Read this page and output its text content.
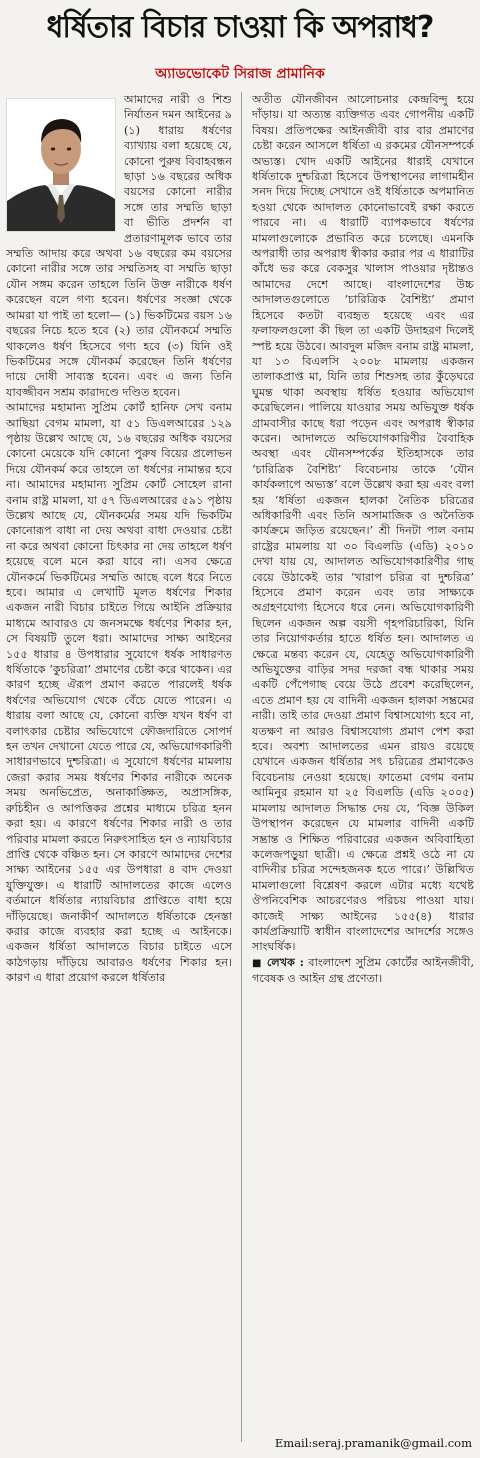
ধর্ষিতার বিচার চাওয়া কি অপরাধ?
অ্যাডভোকেট সিরাজ প্রামানিক

আমাদের নারী ও শিশু নির্যাতন দমন আইনের ৯ (১) ধারায় ধর্ষণের ব্যাখ্যায় বলা হয়েছে যে, কোনো পুরুষ বিবাহবন্ধন ছাড়া ১৬ বছরের অধিক বয়সের কোনো নারীর সঙ্গে তার সম্মতি ছাড়া বা ভীতি প্রদর্শন বা প্রতারণামূলক ভাবে তার সম্মতি আদায় করে অথবা ১৬ বছরের কম বয়সের কোনো নারীর সঙ্গে তার সম্মতিসহ বা সম্মতি ছাড়া যৌন সঙ্গম করেন তাহলে তিনি উক্ত নারীকে ধর্ষণ করেছেন বলে গণ্য হবেন। ধর্ষণের সংজ্ঞা থেকে আমরা যা পাই তা হলো— (১) ভিকটিমের বয়স ১৬ বছরের নিচে হতে হবে (২) তার যৌনকর্মে সম্মতি থাকলেও ধর্ষণ হিসেবে গণ্য হবে (৩) যিনি ওই ভিকটিমের সঙ্গে যৌনকর্ম করেছেন তিনি ধর্ষণের দায়ে দোষী সাব্যস্ত হবেন। এবং এ জন্য তিনি যাবজ্জীবন সশ্রম কারাদণ্ডে দণ্ডিত হবেন।

আমাদের মহামান্য সুপ্রিম কোর্ট হানিফ সেখ বনাম আছিয়া বেগম মামলা, যা ৫১ ডিএলআরের ১২৯ পৃষ্ঠায় উল্লেখ আছে যে, ১৬ বছরের অধিক বয়সের কোনো মেয়েকে যদি কোনো পুরুষ বিয়ের প্রলোভন দিয়ে যৌনকর্ম করে তাহলে তা ধর্ষণের নামান্তর হবে না। আমাদের মহামান্য সুপ্রিম কোর্ট সোহেল রানা বনাম রাষ্ট্র মামলা, যা ৫৭ ডিএলআরের ৫৯১ পৃষ্ঠায় উল্লেখ আছে যে, যৌনকর্মের সময় যদি ভিকটিম কোনোরূপ বাধা না দেয় অথবা বাধা দেওয়ার চেষ্টা না করে অথবা কোনো চিৎকার না দেয় তাহলে ধর্ষণ হয়েছে বলে মনে করা যাবে না। এসব ক্ষেত্রে যৌনকর্মে ভিকটিমের সম্মতি আছে বলে ধরে নিতে হবে। আমার এ লেখাটি মূলত ধর্ষণের শিকার একজন নারী বিচার চাইতে গিয়ে আইনি প্রক্রিয়ার মাধ্যমে আবারও যে জনসমক্ষে ধর্ষণের শিকার হন, সে বিষয়টি তুলে ধরা। আমাদের সাক্ষ্য আইনের ১৫৫ ধারার ৪ উপধারার সুযোগে ধর্ষক সাধারণত ধর্ষিতাকে ‘কুচরিত্রা’ প্রমাণের চেষ্টা করে থাকেন। এর কারণ হচ্ছে ঐরূপ প্রমাণ করতে পারলেই ধর্ষক ধর্ষণের অভিযোগ থেকে বেঁচে যেতে পারেন। এ ধারায় বলা আছে যে, কোনো ব্যক্তি যখন ধর্ষণ বা বলাৎকার চেষ্টার অভিযোগে ফৌজদারিতে সোপর্দ হন তখন দেখানো যেতে পারে যে, অভিযোগকারিণী সাধারণভাবে দুশ্চরিত্রা। এ সুযোগে ধর্ষণের মামলায় জেরা করার সময় ধর্ষণের শিকার নারীকে অনেক সময় অনভিপ্রেত, অনাকাঙ্ক্ষিত, অপ্রাসঙ্গিক, রুচিহীন ও আপত্তিকর প্রশ্নের মাধ্যমে চরিত্র হনন করা হয়। এ কারণে ধর্ষণের শিকার নারী ও তার পরিবার মামলা করতে নিরুৎসাহিত হন ও ন্যায়বিচার প্রাপ্তি থেকে বঞ্চিত হন। সে কারণে আমাদের দেশের সাক্ষ্য আইনের ১৫৫ এর উপধারা ৪ বাদ দেওয়া যুক্তিযুক্ত। এ ধারাটি আদালতের কাজে এলেও বর্তমানে ধর্ষিতার ন্যায়বিচার প্রাপ্তিতে বাধা হয়ে দাঁড়িয়েছে। জনাকীর্ণ আদালতে ধর্ষিতাকে হেনস্তা করার কাজে ব্যবহার করা হচ্ছে এ আইনকে। একজন ধর্ষিতা আদালতে বিচার চাইতে এসে কাঠগড়ায় দাঁড়িয়ে আবারও ধর্ষণের শিকার হন। কারণ এ ধারা প্রয়োগ করলে ধর্ষিতার

অতীত যৌনজীবন আলোচনার কেন্দ্রবিন্দু হয়ে দাঁড়ায়। যা অত্যন্ত ব্যক্তিগত এবং গোপনীয় একটি বিষয়। প্রতিপক্ষের আইনজীবী বার বার প্রমাণের চেষ্টা করেন আসলে ধর্ষিতা এ রকমের যৌনসম্পর্কে অভ্যস্ত। খোদ একটি আইনের ধারাই যেখানে ধর্ষিতাকে দুশ্চরিত্রা হিসেবে উপস্থাপনের লাগামহীন সনদ দিয়ে দিচ্ছে সেখানে ওই ধর্ষিতাকে অপমানিত হওয়া থেকে আদালত কোনোভাবেই রক্ষা করতে পারবে না। এ ধারাটি ব্যাপকভাবে ধর্ষণের মামলাগুলোকে প্রভাবিত করে চলেছে। এমনকি অপরাধী তার অপরাধ স্বীকার করার পর এ ধারাটির কাঁধে ভর করে বেকসুর খালাস পাওয়ার দৃষ্টান্তও আমাদের দেশে আছে। বাংলাদেশের উচ্চ আদালতগুলোতে ‘চারিত্রিক বৈশিষ্ট্য’ প্রমাণ হিসেবে কতটা ব্যবহৃত হয়েছে এবং এর ফলাফলগুলো কী ছিল তা একটি উদাহরণ দিলেই স্পষ্ট হয়ে উঠবে। আবদুল মজিদ বনাম রাষ্ট্র মামলা, যা ১৩ বিএলসি ২০০৮ মামলায় একজন তালাকপ্রাপ্ত মা, যিনি তার শিশুসহ তার কুঁড়েঘরে ঘুমন্ত থাকা অবস্থায় ধর্ষিত হওয়ার অভিযোগ করেছিলেন। পালিয়ে যাওয়ার সময় অভিযুক্ত ধর্ষক গ্রামবাসীর কাছে ধরা পড়েন এবং অপরাধ স্বীকার করেন। আদালতে অভিযোগকারিণীর বৈবাহিক অবস্থা এবং যৌনসম্পর্কের ইতিহাসকে তার ‘চারিত্রিক বৈশিষ্ট্য’ বিবেচনায় তাকে ‘যৌন কার্যকলাপে অভ্যস্ত’ বলে উল্লেখ করা হয় এবং বলা হয় ‘ধর্ষিতা একজন হালকা নৈতিক চরিত্রের অধিকারিণী এবং তিনি অসামাজিক ও অনৈতিক কার্যক্রমে জড়িত রয়েছেন।’ শ্রী দিনটা পাল বনাম রাষ্ট্রের মামলায় যা ৩০ বিএলডি (এডি) ২০১০ দেখা যায় যে, আদালত অভিযোগকারিণীর গাছ বেয়ে উঠাকেই তার ‘খারাপ চরিত্র বা দুশ্চরিত্র’ হিসেবে প্রমাণ করেন এবং তার সাক্ষ্যকে অগ্রহণযোগ্য হিসেবে ধরে নেন। অভিযোগকারিণী ছিলেন একজন অল্প বয়সী গৃহপরিচারিকা, যিনি তার নিয়োগকর্তার হাতে ধর্ষিত হন। আদালত এ ক্ষেত্রে মন্তব্য করেন যে, যেহেতু অভিযোগকারিণী অভিযুক্তের বাড়ির সদর দরজা বন্ধ থাকার সময় একটি পেঁপেগাছ বেয়ে উঠে প্রবেশ করেছিলেন, এতে প্রমাণ হয় যে বাদিনী একজন হালকা সম্ভ্রমের নারী। তাই তার দেওয়া প্রমাণ বিশ্বাসযোগ্য হবে না, যতক্ষণ না আরও বিশ্বাসযোগ্য প্রমাণ পেশ করা হবে। অবশ্য আদালতের এমন রায়ও রয়েছে যেখানে একজন ধর্ষিতার সৎ চরিত্রের প্রমাণকেও বিবেচনায় নেওয়া হয়েছে। ফাতেমা বেগম বনাম আমিনুর রহমান যা ২৫ বিএলডি (এডি ২০০৫) মামলায় আদালত সিদ্ধান্ত দেয় যে, ‘বিজ্ঞ উকিল উপস্থাপন করেছেন যে মামলার বাদিনী একটি সম্ভ্রান্ত ও শিক্ষিত পরিবারের একজন অবিবাহিতা কলেজপড়ুয়া ছাত্রী। এ ক্ষেত্রে প্রশ্নই ওঠে না যে বাদিনীর চরিত্র সন্দেহজনক হতে পারে।’ উল্লিখিত মামলাগুলো বিশ্লেষণ করলে এটার মধ্যে যথেষ্ট ঔপনিবেশিক আচরণেরও পরিচয় পাওয়া যায়। কাজেই সাক্ষ্য আইনের ১৫৫(৪) ধারার কার্যপ্রক্রিয়াটি স্বাধীন বাংলাদেশের আদর্শের সঙ্গেও সাংঘর্ষিক।

■ লেখক : বাংলাদেশ সুপ্রিম কোর্টের আইনজীবী, গবেষক ও আইন গ্রন্থ প্রণেতা।

Email:seraj.pramanik@gmail.com
